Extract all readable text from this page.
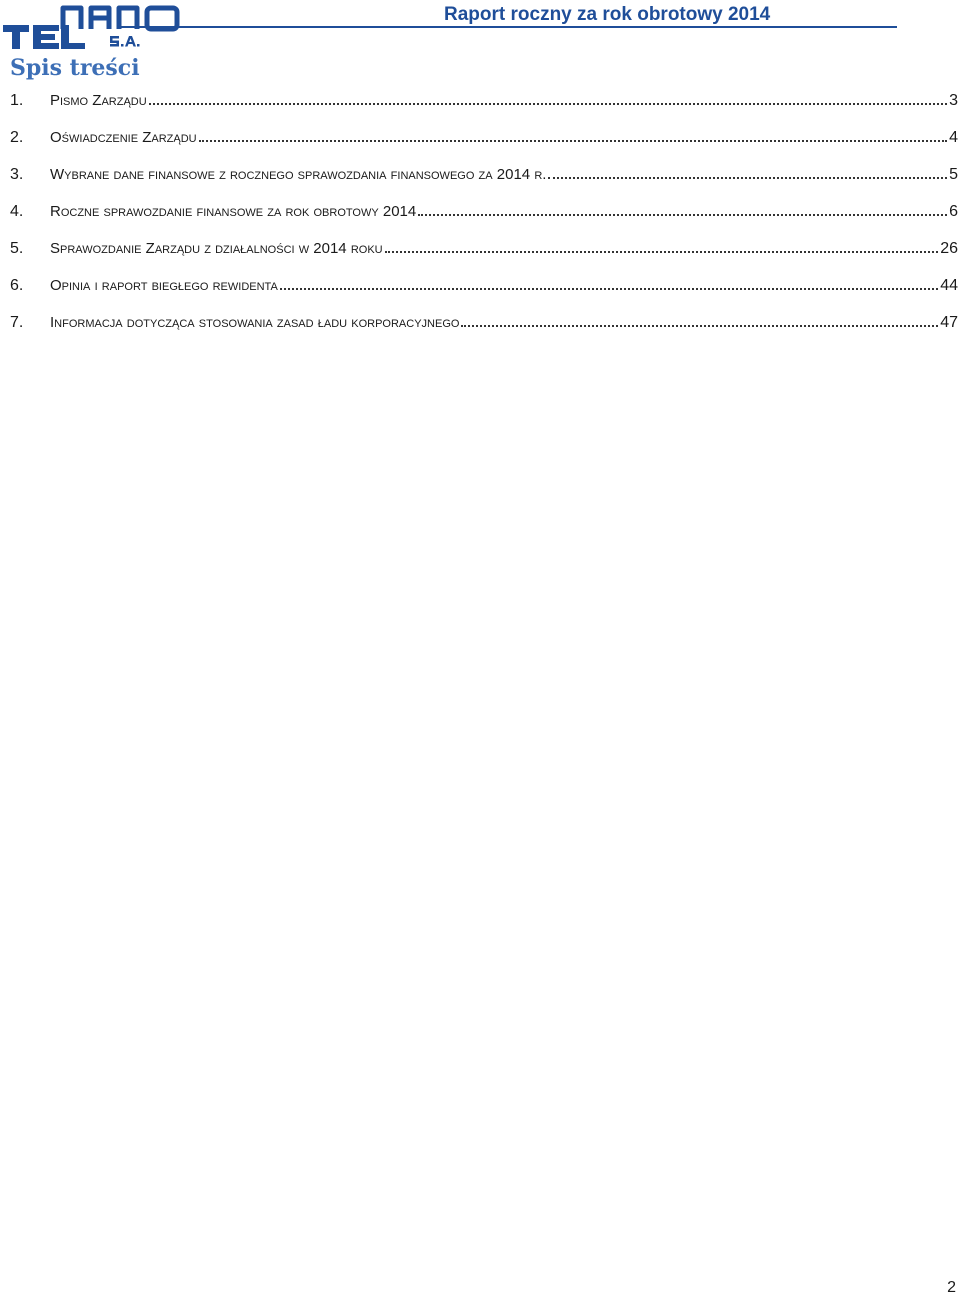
Raport roczny za rok obrotowy 2014
Spis treści
1.	Pismo Zarządu	3
2.	Oświadczenie Zarządu	4
3.	Wybrane dane finansowe z rocznego sprawozdania finansowego za 2014 r.	5
4.	Roczne sprawozdanie finansowe za rok obrotowy 2014	6
5.	Sprawozdanie Zarządu z działalności w 2014 roku	26
6.	Opinia i raport biegłego rewidenta	44
7.	Informacja dotycząca stosowania zasad ładu korporacyjnego	47
2
